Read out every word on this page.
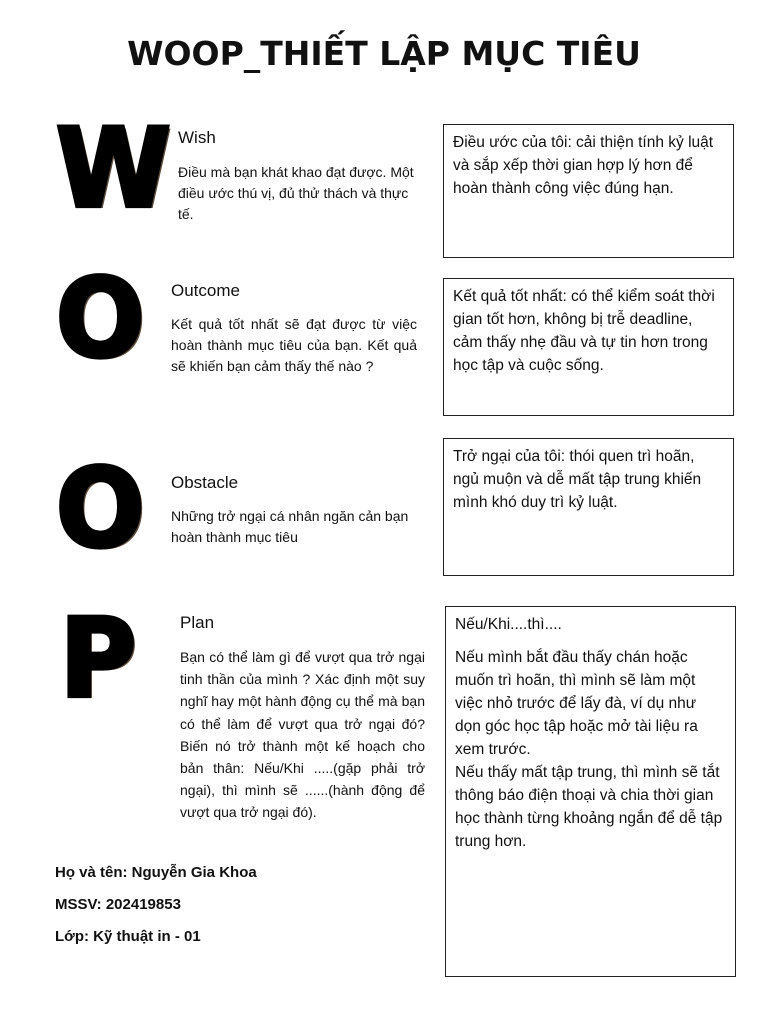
WOOP_THIẾT LẬP MỤC TIÊU
W Wish
Điều mà bạn khát khao đạt được. Một điều ước thú vị, đủ thử thách và thực tế.

Điều ước của tôi: cải thiện tính kỷ luật và sắp xếp thời gian hợp lý hơn để hoàn thành công việc đúng hạn.

O Outcome
Kết quả tốt nhất sẽ đạt được từ việc hoàn thành mục tiêu của bạn. Kết quả sẽ khiến bạn cảm thấy thế nào ?

Kết quả tốt nhất: có thể kiểm soát thời gian tốt hơn, không bị trễ deadline, cảm thấy nhẹ đầu và tự tin hơn trong học tập và cuộc sống.

O Obstacle
Những trở ngại cá nhân ngăn cản bạn hoàn thành mục tiêu

Trở ngại của tôi: thói quen trì hoãn, ngủ muộn và dễ mất tập trung khiến mình khó duy trì kỷ luật.

P	Plan
Bạn có thể làm gì để vượt qua trở ngại tinh thần của mình ? Xác định một suy nghĩ hay một hành động cụ thể mà bạn có thể làm để vượt qua trở ngại đó? Biến nó trở thành một kế hoạch cho bản thân: Nếu/Khi .....(gặp phải trở ngại), thì mình sẽ ......(hành động để vượt qua trở ngại đó).

Nếu/Khi....thì....

Nếu mình bắt đầu thấy chán hoặc muốn trì hoãn, thì mình sẽ làm một việc nhỏ trước để lấy đà, ví dụ như dọn góc học tập hoặc mở tài liệu ra xem trước.

Nếu thấy mất tập trung, thì mình sẽ tắt thông báo điện thoại và chia thời gian học thành từng khoảng ngắn để dễ tập trung hơn.

Họ và tên: Nguyễn Gia Khoa
MSSV: 202419853
Lớp: Kỹ thuật in - 01
